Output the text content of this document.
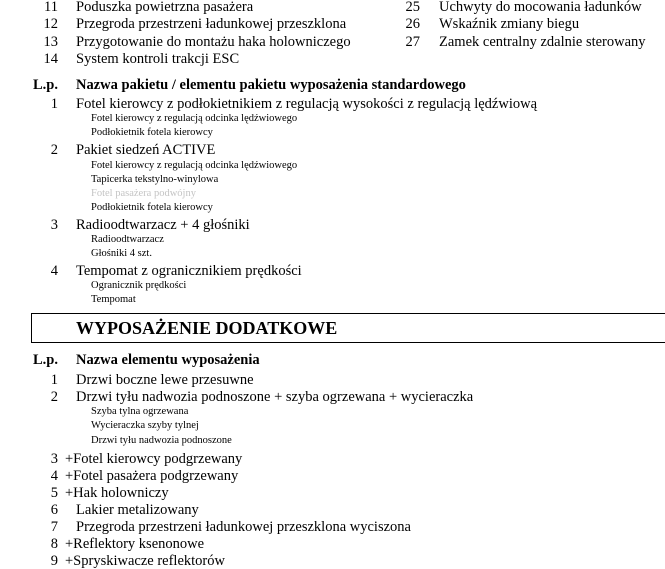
11 Poduszka powietrzna pasażera
12 Przegroda przestrzeni ładunkowej przeszklona
13 Przygotowanie do montażu haka holowniczego
14 System kontroli trakcji ESC
25 Uchwyty do mocowania ładunków
26 Wskaźnik zmiany biegu
27 Zamek centralny zdalnie sterowany
L.p. Nazwa pakietu / elementu pakietu wyposażenia standardowego
1 Fotel kierowcy z podłokietnikiem z regulacją wysokości z regulacją lędźwiową
Fotel kierowcy z regulacją odcinka lędźwiowego
Podłokietnik fotela kierowcy
2 Pakiet siedzeń ACTIVE
Fotel kierowcy z regulacją odcinka lędźwiowego
Tapicerka tekstylno-winylowa
Fotel pasażera podwójny
Podłokietnik fotela kierowcy
3 Radioodtwarzacz + 4 głośniki
Radioodtwarzacz
Głośniki 4 szt.
4 Tempomat z ogranicznikiem prędkości
Ogranicznik prędkości
Tempomat
WYPOSAŻENIE DODATKOWE
L.p. Nazwa elementu wyposażenia
1 Drzwi boczne lewe przesuwne
2 Drzwi tyłu nadwozia podnoszone + szyba ogrzewana + wycieraczka
Szyba tylna ogrzewana
Wycieraczka szyby tylnej
Drzwi tyłu nadwozia podnoszone
3 +Fotel kierowcy podgrzewany
4 +Fotel pasażera podgrzewany
5 +Hak holowniczy
6 Lakier metalizowany
7 Przegroda przestrzeni ładunkowej przeszklona wyciszona
8 +Reflektory ksenonowe
9 +Spryskiwacze reflektorów
